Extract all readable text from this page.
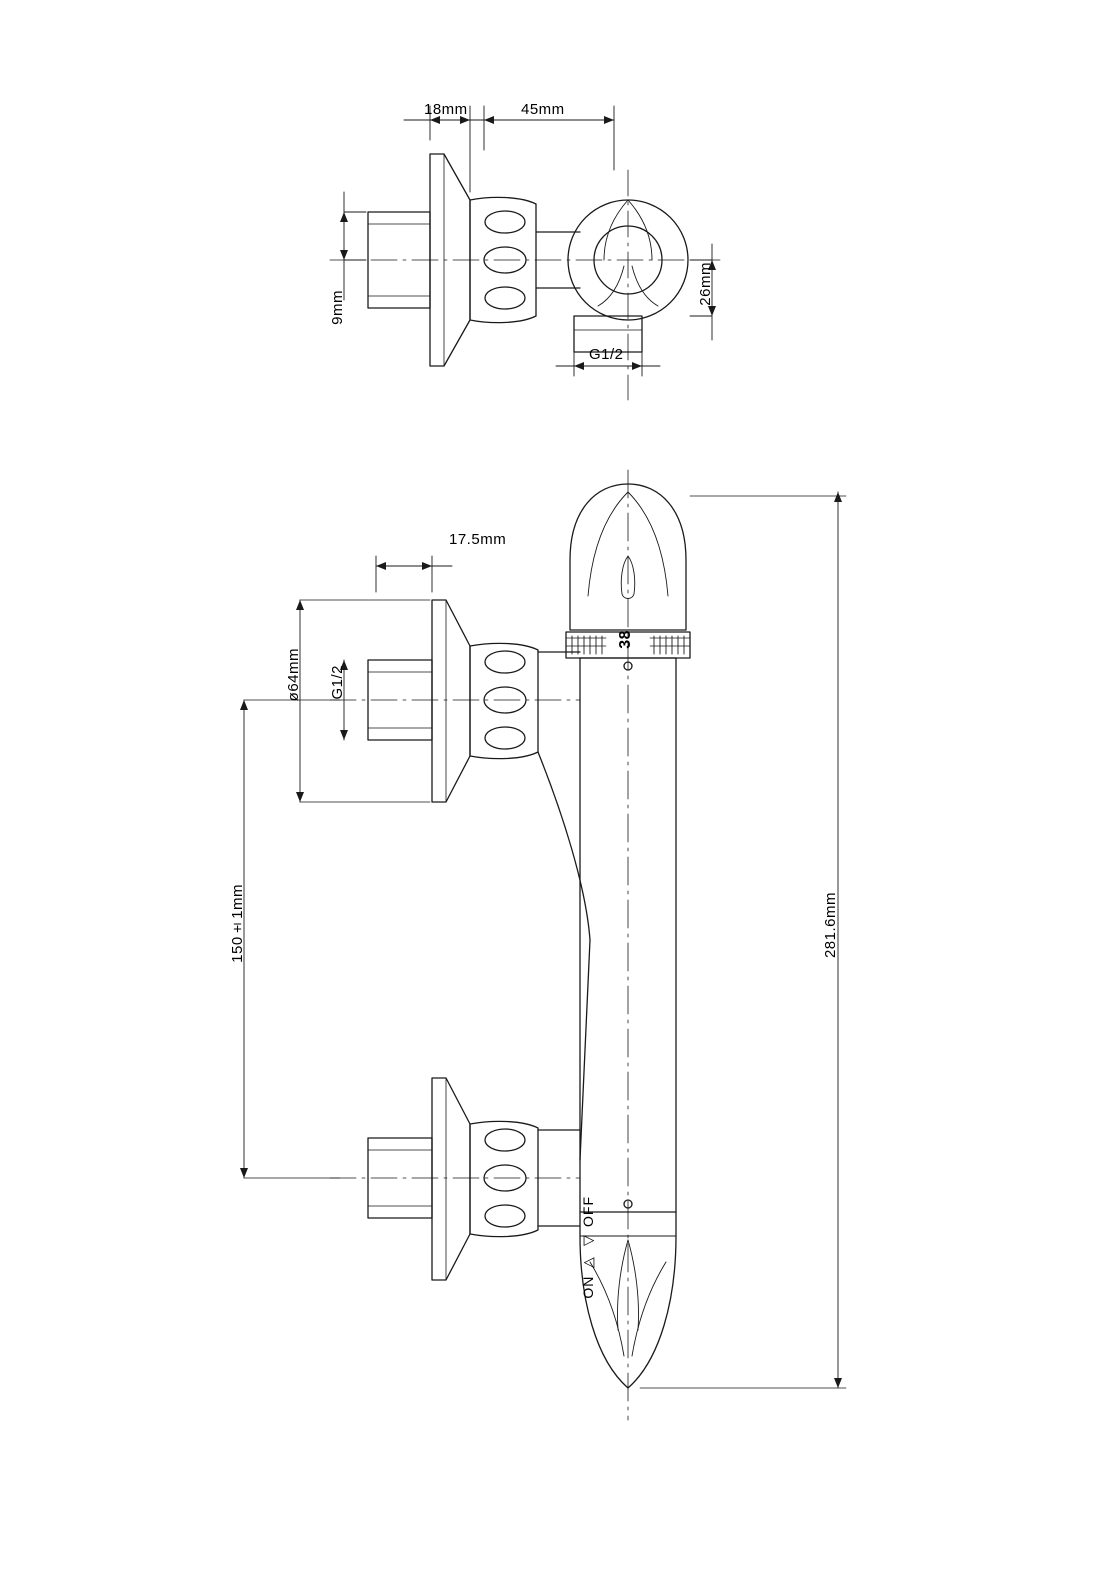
18mm	45mm
9mm
26mm
G1/2
17.5mm
ø64mm G1/2
150±1mm	281.6mm
38
ON ▷ ◁ OFF
